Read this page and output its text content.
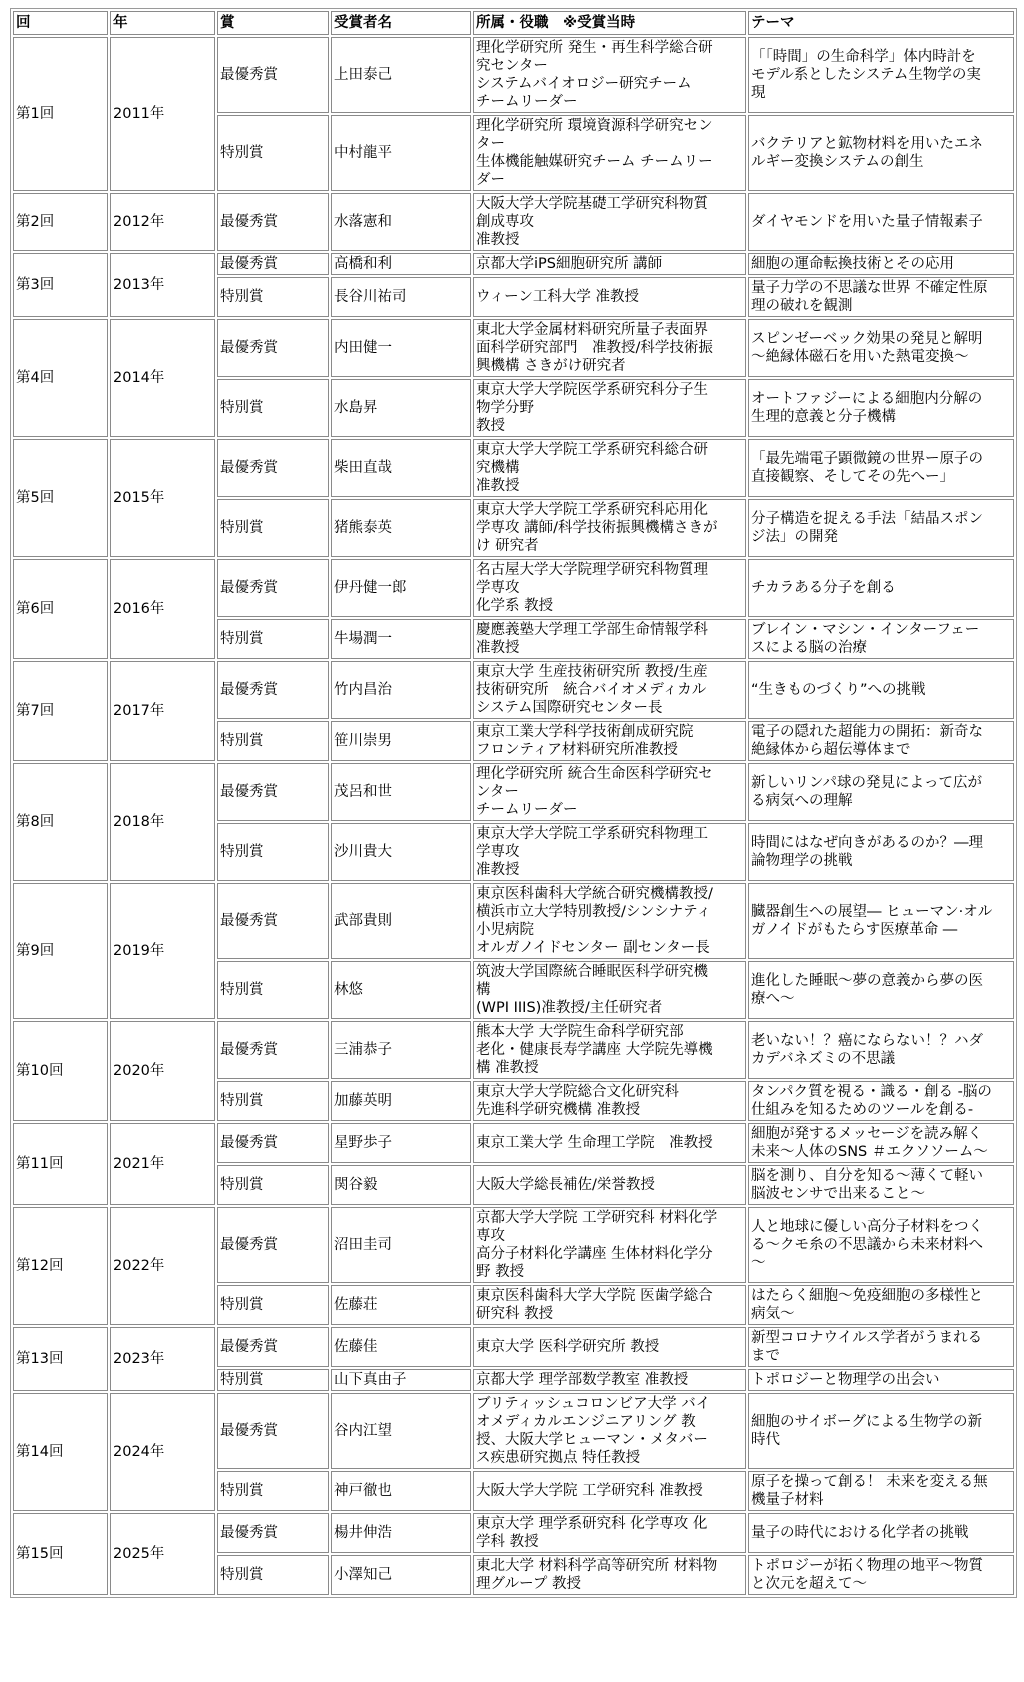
回	年	賞	受賞者名	所属・役職　※受賞当時	テーマ
第1回	2011年	最優秀賞	上田泰己	理化学研究所 発生・再生科学総合研
究センター
システムバイオロジー研究チーム
チームリーダー	「「時間」の生命科学」体内時計を
モデル系としたシステム生物学の実
現

		特別賞	中村龍平	理化学研究所 環境資源科学研究セン
ター
生体機能触媒研究チーム チームリー
ダー	バクテリアと鉱物材料を用いたエネ
ルギー変換システムの創生

第2回	2012年	最優秀賞	水落憲和	大阪大学大学院基礎工学研究科物質
創成専攻
准教授	ダイヤモンドを用いた量子情報素子

第3回	2013年	最優秀賞	高橋和利	京都大学iPS細胞研究所 講師	細胞の運命転換技術とその応用

		特別賞	長谷川祐司	ウィーン工科大学 准教授	量子力学の不思議な世界 不確定性原
理の破れを観測

第4回	2014年	最優秀賞	内田健一	東北大学金属材料研究所量子表面界
面科学研究部門　准教授/科学技術振
興機構 さきがけ研究者	スピンゼーベック効果の発見と解明
～絶縁体磁石を用いた熱電変換～

		特別賞	水島昇	東京大学大学院医学系研究科分子生
物学分野
教授	オートファジーによる細胞内分解の
生理的意義と分子機構

第5回	2015年	最優秀賞	柴田直哉	東京大学大学院工学系研究科総合研
究機構
准教授	「最先端電子顕微鏡の世界ー原子の
直接観察、そしてその先へー」

		特別賞	猪熊泰英	東京大学大学院工学系研究科応用化
学専攻 講師/科学技術振興機構さきが
け 研究者	分子構造を捉える手法「結晶スポン
ジ法」の開発

第6回	2016年	最優秀賞	伊丹健一郎	名古屋大学大学院理学研究科物質理
学専攻
化学系 教授	チカラある分子を創る

		特別賞	牛場潤一	慶應義塾大学理工学部生命情報学科
准教授	ブレイン・マシン・インターフェー
スによる脳の治療

第7回	2017年	最優秀賞	竹内昌治	東京大学 生産技術研究所 教授/生産
技術研究所　統合バイオメディカル
システム国際研究センター長	“生きものづくり”への挑戦

		特別賞	笹川崇男	東京工業大学科学技術創成研究院
フロンティア材料研究所准教授	電子の隠れた超能力の開拓：新奇な
絶縁体から超伝導体まで

第8回	2018年	最優秀賞	茂呂和世	理化学研究所 統合生命医科学研究セ
ンター
チームリーダー	新しいリンパ球の発見によって広が
る病気への理解

		特別賞	沙川貴大	東京大学大学院工学系研究科物理工
学専攻
准教授	時間にはなぜ向きがあるのか？―理
論物理学の挑戦

第9回	2019年	最優秀賞	武部貴則	東京医科歯科大学統合研究機構教授/
横浜市立大学特別教授/シンシナティ
小児病院
オルガノイドセンター 副センター長	臓器創生への展望― ヒューマン·オル
ガノイドがもたらす医療革命 ―

		特別賞	林悠	筑波大学国際統合睡眠医科学研究機
構
(WPI IIIS)准教授/主任研究者	進化した睡眠～夢の意義から夢の医
療へ～

第10回	2020年	最優秀賞	三浦恭子	熊本大学 大学院生命科学研究部
老化・健康長寿学講座 大学院先導機
構 准教授	老いない！？癌にならない！？ハダ
カデバネズミの不思議

		特別賞	加藤英明	東京大学大学院総合文化研究科
先進科学研究機構 准教授	タンパク質を視る・識る・創る -脳の
仕組みを知るためのツールを創る-

第11回	2021年	最優秀賞	星野歩子	東京工業大学 生命理工学院　准教授	細胞が発するメッセージを読み解く
未来～人体のSNS ＃エクソソーム～

		特別賞	関谷毅	大阪大学総長補佐/栄誉教授	脳を測り、自分を知る～薄くて軽い
脳波センサで出来ること～

第12回	2022年	最優秀賞	沼田圭司	京都大学大学院 工学研究科 材料化学
専攻
高分子材料化学講座 生体材料化学分
野 教授	人と地球に優しい高分子材料をつく
る～クモ糸の不思議から未来材料へ
～

		特別賞	佐藤荘	東京医科歯科大学大学院 医歯学総合
研究科 教授	はたらく細胞～免疫細胞の多様性と
病気～

第13回	2023年	最優秀賞	佐藤佳	東京大学 医科学研究所 教授	新型コロナウイルス学者がうまれる
まで

		特別賞	山下真由子	京都大学 理学部数学教室 准教授	トポロジーと物理学の出会い

第14回	2024年	最優秀賞	谷内江望	ブリティッシュコロンビア大学 バイ
オメディカルエンジニアリング 教
授、大阪大学ヒューマン・メタバー
ス疾患研究拠点 特任教授	細胞のサイボーグによる生物学の新
時代

		特別賞	神戸徹也	大阪大学大学院 工学研究科 准教授	原子を操って創る！ 未来を変える無
機量子材料

第15回	2025年	最優秀賞	楊井伸浩	東京大学 理学系研究科 化学専攻 化
学科 教授	量子の時代における化学者の挑戦

		特別賞	小澤知己	東北大学 材料科学高等研究所 材料物
理グループ 教授	トポロジーが拓く物理の地平～物質
と次元を超えて～
